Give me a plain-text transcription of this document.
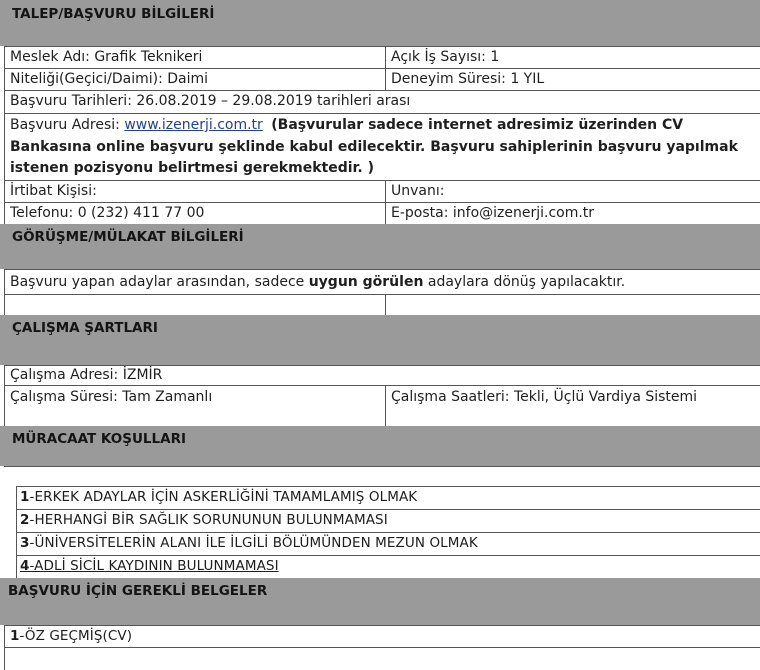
TALEP/BAŞVURU BİLGİLERİ
Meslek Adı: Grafik Teknikeri	Açık İş Sayısı: 1
Niteliği(Geçici/Daimi): Daimi	Deneyim Süresi: 1 YIL
Başvuru Tarihleri: 26.08.2019 – 29.08.2019 tarihleri arası
Başvuru Adresi: www.izenerji.com.tr (Başvurular sadece internet adresimiz üzerinden CV
Bankasına online başvuru şeklinde kabul edilecektir. Başvuru sahiplerinin başvuru yapılmak
istenen pozisyonu belirtmesi gerekmektedir. )
İrtibat Kişisi:	Unvanı:
Telefonu: 0 (232) 411 77 00	E-posta: info@izenerji.com.tr
GÖRÜŞME/MÜLAKAT BİLGİLERİ
Başvuru yapan adaylar arasından, sadece uygun görülen adaylara dönüş yapılacaktır.
ÇALIŞMA ŞARTLARI
Çalışma Adresi: İZMİR
Çalışma Süresi: Tam Zamanlı	Çalışma Saatleri: Tekli, Üçlü Vardiya Sistemi
MÜRACAAT KOŞULLARI
1-ERKEK ADAYLAR İÇİN ASKERLİĞİNİ TAMAMLAMIŞ OLMAK
2-HERHANGİ BİR SAĞLIK SORUNUNUN BULUNMAMASI
3-ÜNİVERSİTELERİN ALANI İLE İLGİLİ BÖLÜMÜNDEN MEZUN OLMAK
4-ADLİ SİCİL KAYDININ BULUNMAMASI
BAŞVURU İÇİN GEREKLİ BELGELER
1-ÖZ GEÇMİŞ(CV)
